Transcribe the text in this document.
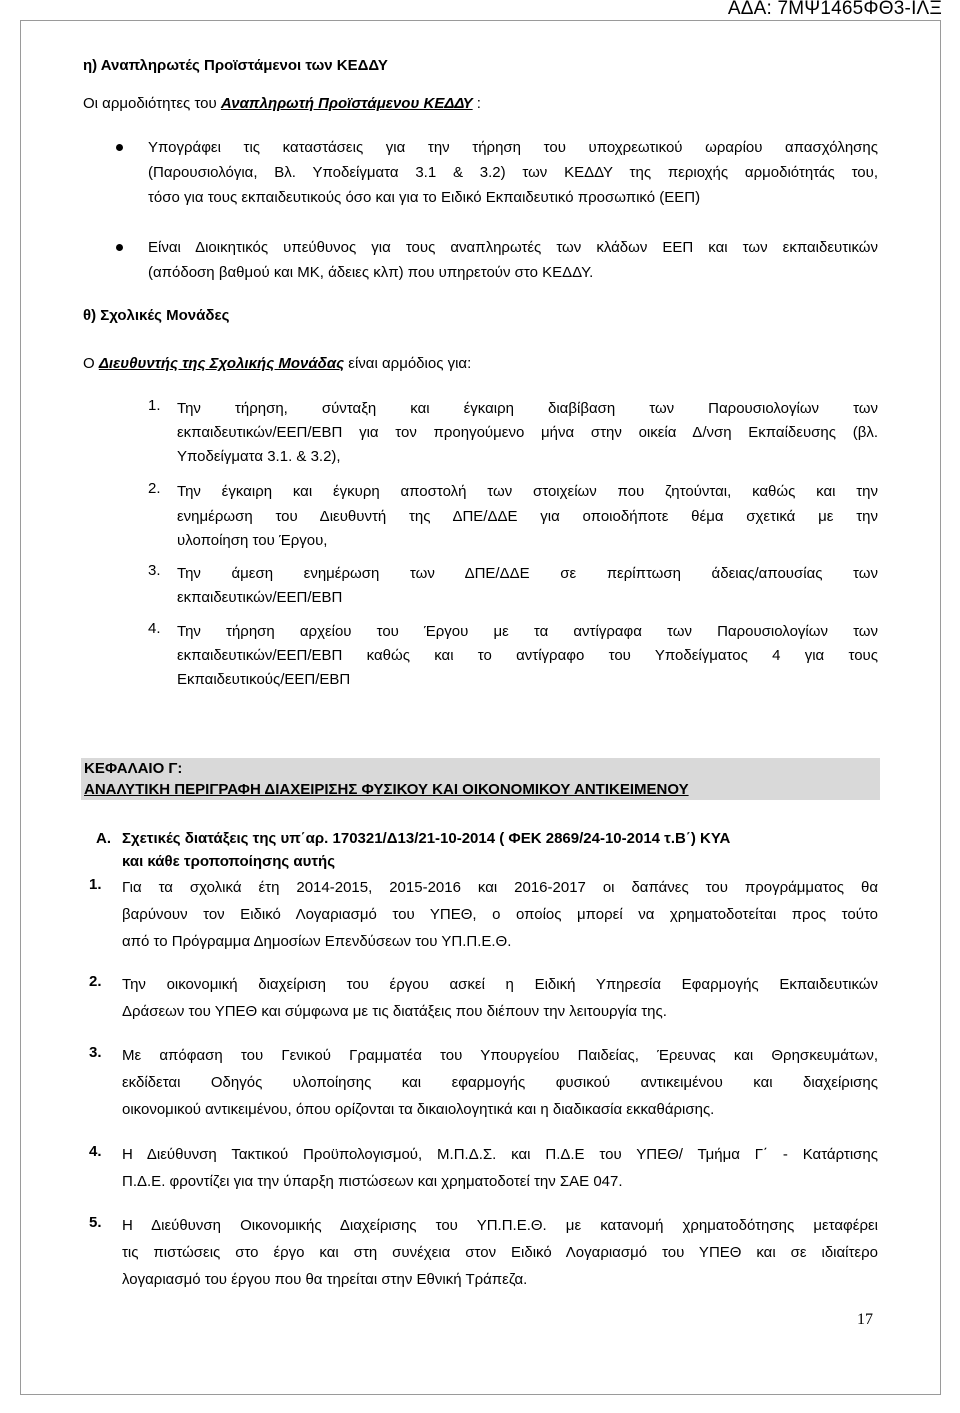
ΑΔΑ: 7ΜΨ1465ΦΘ3-ΙΛΞ
η) Αναπληρωτές Προϊστάμενοι των ΚΕΔΔΥ
Οι αρμοδιότητες του Αναπληρωτή Προϊστάμενου ΚΕΔΔΥ :
Υπογράφει τις καταστάσεις για την τήρηση του υποχρεωτικού ωραρίου απασχόλησης
(Παρουσιολόγια, Βλ. Υποδείγματα 3.1 & 3.2) των ΚΕΔΔΥ της περιοχής αρμοδιότητάς του,
τόσο για τους εκπαιδευτικούς όσο και για το Ειδικό Εκπαιδευτικό προσωπικό (ΕΕΠ)
Είναι Διοικητικός υπεύθυνος για τους αναπληρωτές των κλάδων ΕΕΠ και των εκπαιδευτικών
(απόδοση βαθμού και ΜΚ, άδειες κλπ) που υπηρετούν στο ΚΕΔΔΥ.
θ) Σχολικές Μονάδες
Ο Διευθυντής της Σχολικής Μονάδας είναι αρμόδιος για:
1. Την τήρηση, σύνταξη και έγκαιρη διαβίβαση των Παρουσιολογίων των
εκπαιδευτικών/ΕΕΠ/ΕΒΠ για τον προηγούμενο μήνα στην οικεία Δ/νση Εκπαίδευσης (βλ.
Υποδείγματα 3.1. & 3.2),
2. Την έγκαιρη και έγκυρη αποστολή των στοιχείων που ζητούνται, καθώς και την
ενημέρωση του Διευθυντή της ΔΠΕ/ΔΔΕ για οποιοδήποτε θέμα σχετικά με την
υλοποίηση του Έργου,
3. Την άμεση ενημέρωση των ΔΠΕ/ΔΔΕ σε περίπτωση άδειας/απουσίας των
εκπαιδευτικών/ΕΕΠ/ΕΒΠ
4. Την τήρηση αρχείου του Έργου με τα αντίγραφα των Παρουσιολογίων των
εκπαιδευτικών/ΕΕΠ/ΕΒΠ καθώς και το αντίγραφο του Υποδείγματος 4 για τους
Εκπαιδευτικούς/ΕΕΠ/ΕΒΠ
ΚΕΦΑΛΑΙΟ Γ:
ΑΝΑΛΥΤΙΚΗ ΠΕΡΙΓΡΑΦΗ ΔΙΑΧΕΙΡΙΣΗΣ ΦΥΣΙΚΟΥ ΚΑΙ ΟΙΚΟΝΟΜΙΚΟΥ ΑΝΤΙΚΕΙΜΕΝΟΥ
Α. Σχετικές διατάξεις της υπ΄αρ. 170321/Δ13/21-10-2014 ( ΦΕΚ 2869/24-10-2014 τ.Β΄) ΚΥΑ
και κάθε τροποποίησης αυτής
1. Για τα σχολικά έτη 2014-2015, 2015-2016 και 2016-2017 οι δαπάνες του προγράμματος θα
βαρύνουν τον Ειδικό Λογαριασμό του ΥΠΕΘ, ο οποίος μπορεί να χρηματοδοτείται προς τούτο
από το Πρόγραμμα Δημοσίων Επενδύσεων του ΥΠ.Π.Ε.Θ.
2. Την οικονομική διαχείριση του έργου ασκεί η Ειδική Υπηρεσία Εφαρμογής Εκπαιδευτικών
Δράσεων του ΥΠΕΘ και σύμφωνα με τις διατάξεις που διέπουν την λειτουργία της.
3. Με απόφαση του Γενικού Γραμματέα του Υπουργείου Παιδείας, Έρευνας και Θρησκευμάτων,
εκδίδεται Οδηγός υλοποίησης και εφαρμογής φυσικού αντικειμένου και διαχείρισης
οικονομικού αντικειμένου, όπου ορίζονται τα δικαιολογητικά και η διαδικασία εκκαθάρισης.
4. Η Διεύθυνση Τακτικού Προϋπολογισμού, Μ.Π.Δ.Σ. και Π.Δ.Ε του ΥΠΕΘ/ Τμήμα Γ΄ - Κατάρτισης
Π.Δ.Ε. φροντίζει για την ύπαρξη πιστώσεων και χρηματοδοτεί την ΣΑΕ 047.
5. Η Διεύθυνση Οικονομικής Διαχείρισης του ΥΠ.Π.Ε.Θ. με κατανομή χρηματοδότησης μεταφέρει
τις πιστώσεις στο έργο και στη συνέχεια στον Ειδικό Λογαριασμό του ΥΠΕΘ και σε ιδιαίτερο
λογαριασμό του έργου που θα τηρείται στην Εθνική Τράπεζα.
17
